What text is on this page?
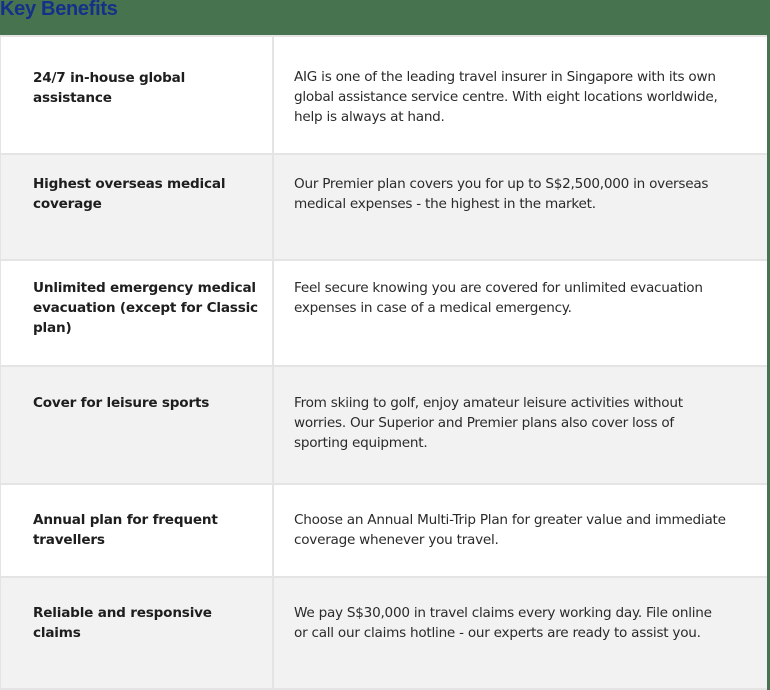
Key Benefits
24/7 in-house global assistance
AIG is one of the leading travel insurer in Singapore with its own global assistance service centre. With eight locations worldwide, help is always at hand.
Highest overseas medical coverage
Our Premier plan covers you for up to S$2,500,000 in overseas medical expenses - the highest in the market.
Unlimited emergency medical evacuation (except for Classic plan)
Feel secure knowing you are covered for unlimited evacuation expenses in case of a medical emergency.
Cover for leisure sports	From skiing to golf, enjoy amateur leisure activities without worries. Our Superior and Premier plans also cover loss of sporting equipment.
Annual plan for frequent travellers
Choose an Annual Multi-Trip Plan for greater value and immediate coverage whenever you travel.
Reliable and responsive claims
We pay S$30,000 in travel claims every working day. File online or call our claims hotline - our experts are ready to assist you.
